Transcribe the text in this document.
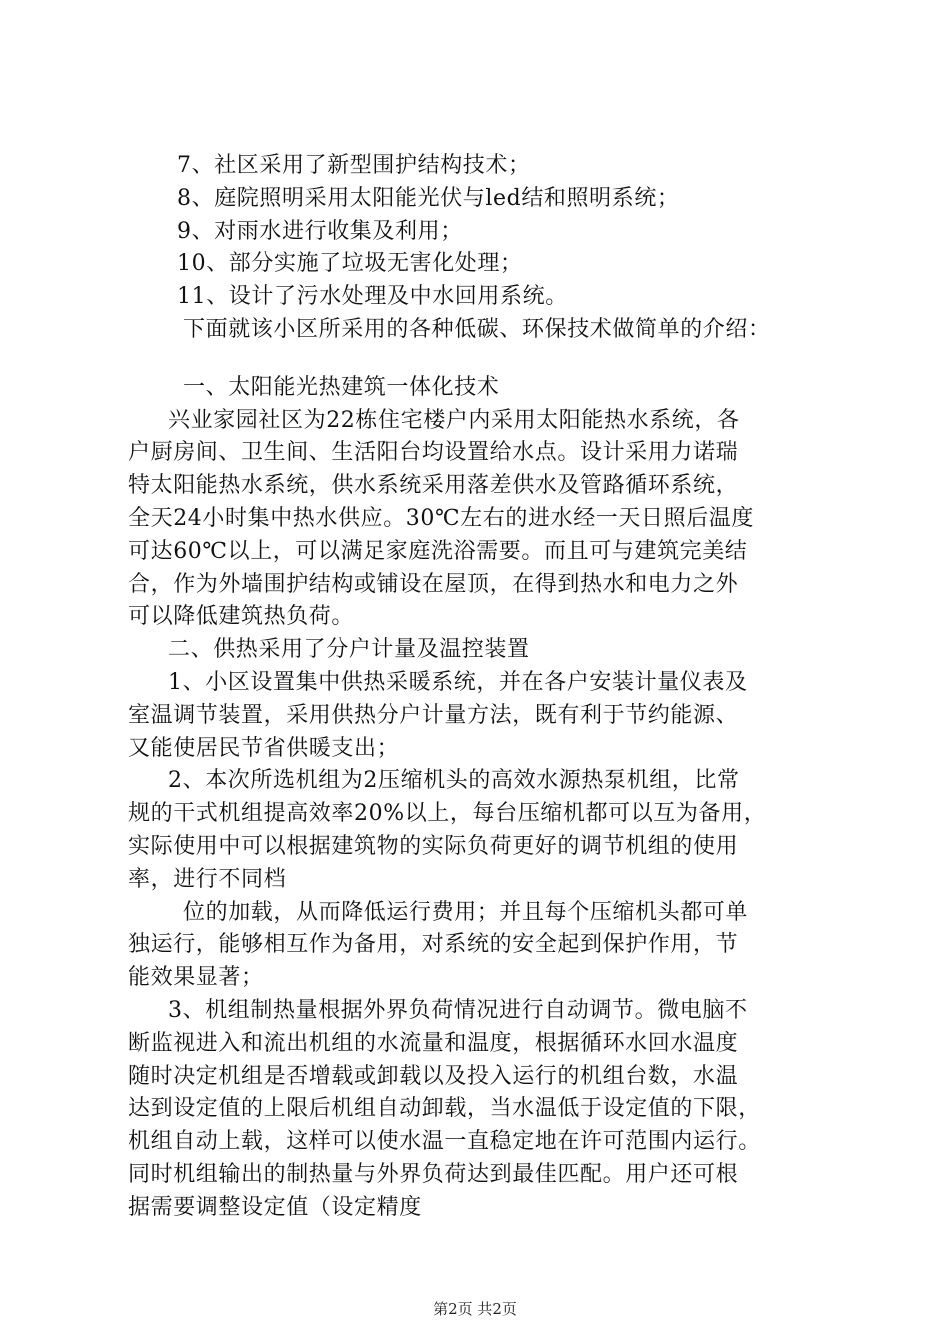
7、社区采用了新型围护结构技术；
8、庭院照明采用太阳能光伏与led结和照明系统；
9、对雨水进行收集及利用；
10、部分实施了垃圾无害化处理；
11、设计了污水处理及中水回用系统。
下面就该小区所采用的各种低碳、环保技术做简单的介绍：
一、太阳能光热建筑一体化技术
兴业家园社区为22栋住宅楼户内采用太阳能热水系统，各
户厨房间、卫生间、生活阳台均设置给水点。设计采用力诺瑞
特太阳能热水系统，供水系统采用落差供水及管路循环系统，
全天24小时集中热水供应。30℃左右的进水经一天日照后温度
可达60℃以上，可以满足家庭洗浴需要。而且可与建筑完美结
合，作为外墙围护结构或铺设在屋顶，在得到热水和电力之外
可以降低建筑热负荷。
二、供热采用了分户计量及温控装置
1、小区设置集中供热采暖系统，并在各户安装计量仪表及
室温调节装置，采用供热分户计量方法，既有利于节约能源、
又能使居民节省供暖支出；
2、本次所选机组为2压缩机头的高效水源热泵机组，比常
规的干式机组提高效率20%以上，每台压缩机都可以互为备用，
实际使用中可以根据建筑物的实际负荷更好的调节机组的使用
率，进行不同档
位的加载，从而降低运行费用；并且每个压缩机头都可单
独运行，能够相互作为备用，对系统的安全起到保护作用，节
能效果显著；
3、机组制热量根据外界负荷情况进行自动调节。微电脑不
断监视进入和流出机组的水流量和温度，根据循环水回水温度
随时决定机组是否增载或卸载以及投入运行的机组台数，水温
达到设定值的上限后机组自动卸载，当水温低于设定值的下限，
机组自动上载，这样可以使水温一直稳定地在许可范围内运行。
同时机组输出的制热量与外界负荷达到最佳匹配。用户还可根
据需要调整设定值（设定精度
第2页 共2页
